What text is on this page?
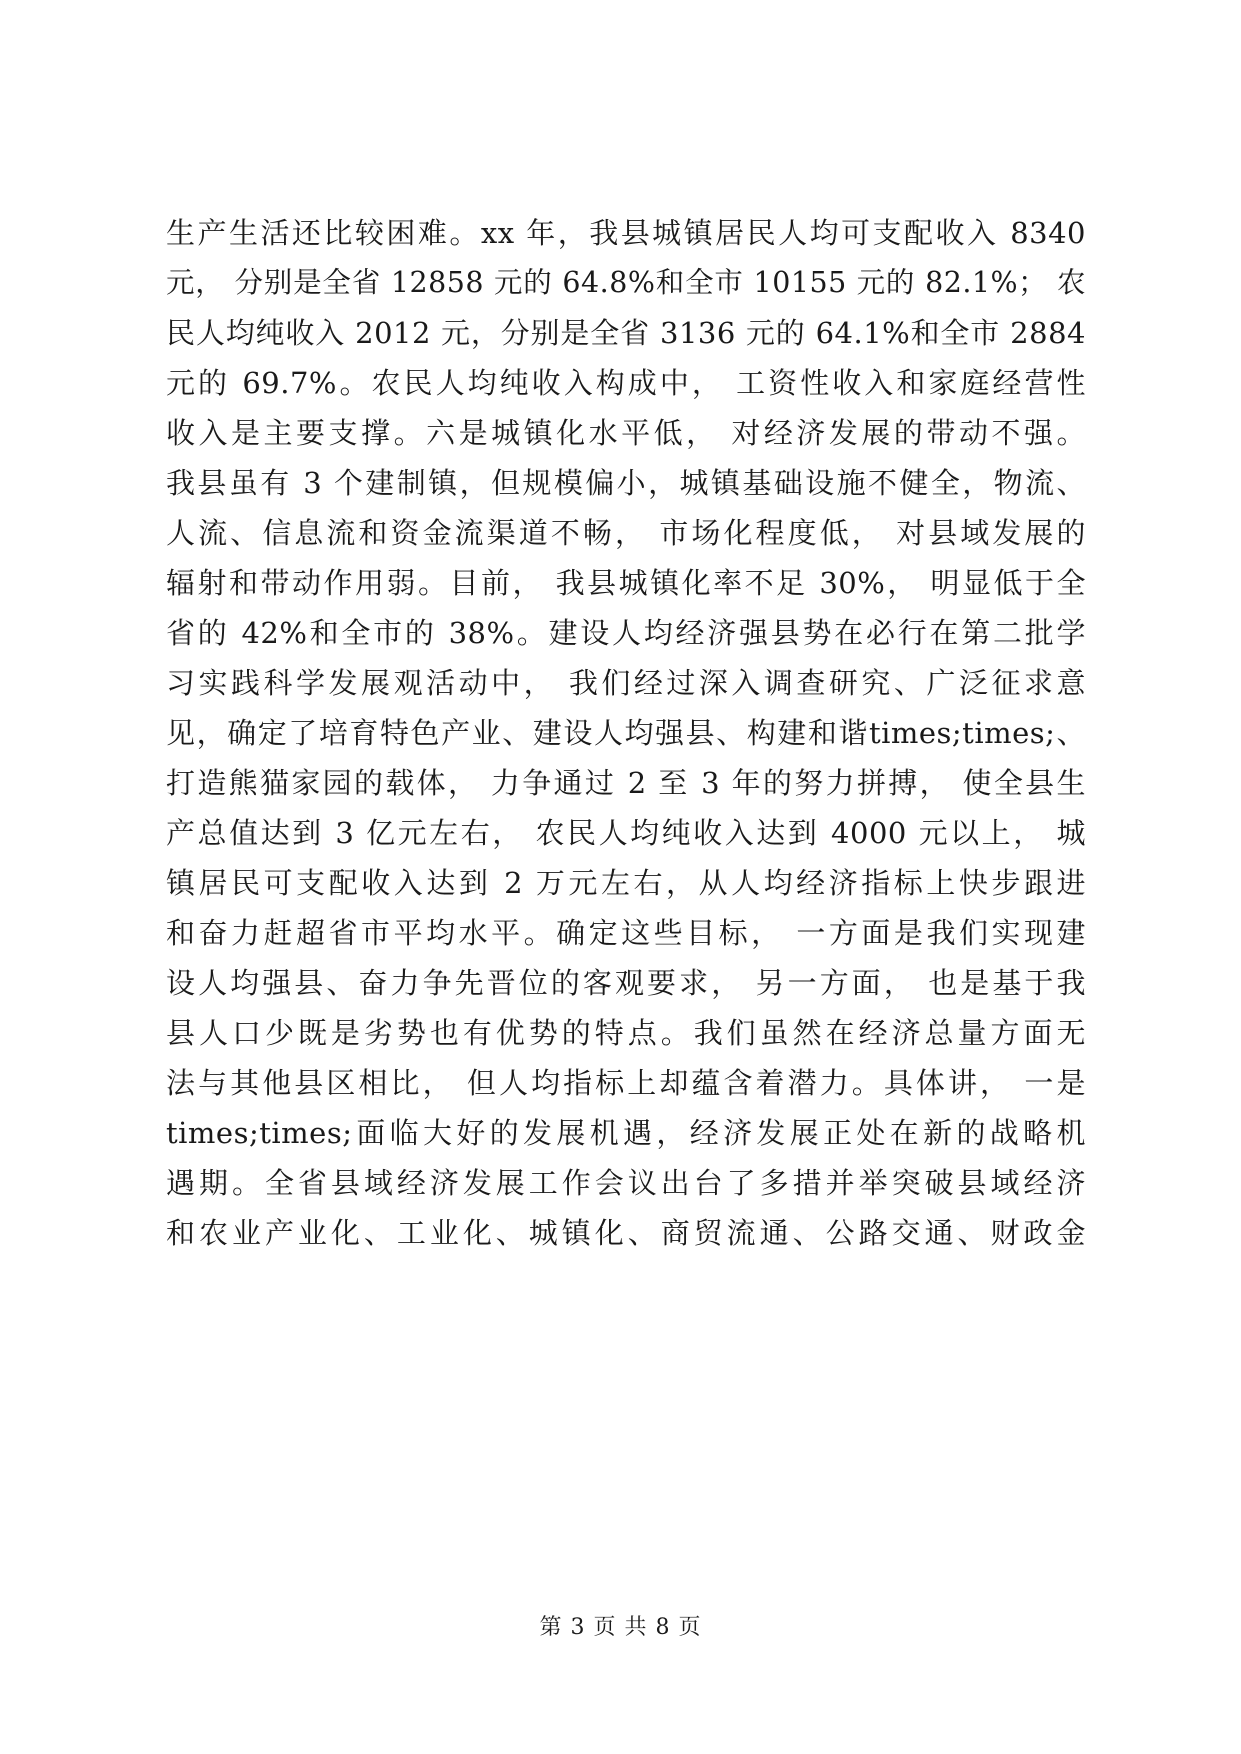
生产生活还比较困难。xx 年，我县城镇居民人均可支配收入 8340
元， 分别是全省 12858 元的 64.8%和全市 10155 元的 82.1%； 农
民人均纯收入 2012 元，分别是全省 3136 元的 64.1%和全市 2884
元的 69.7%。农民人均纯收入构成中， 工资性收入和家庭经营性
收入是主要支撑。六是城镇化水平低， 对经济发展的带动不强。
我县虽有 3 个建制镇，但规模偏小，城镇基础设施不健全，物流、
人流、信息流和资金流渠道不畅， 市场化程度低， 对县域发展的
辐射和带动作用弱。目前， 我县城镇化率不足 30%， 明显低于全
省的 42%和全市的 38%。建设人均经济强县势在必行在第二批学
习实践科学发展观活动中， 我们经过深入调查研究、广泛征求意
见，确定了培育特色产业、建设人均强县、构建和谐times;times;、
打造熊猫家园的载体， 力争通过 2 至 3 年的努力拼搏， 使全县生
产总值达到 3 亿元左右， 农民人均纯收入达到 4000 元以上， 城
镇居民可支配收入达到 2 万元左右，从人均经济指标上快步跟进
和奋力赶超省市平均水平。确定这些目标， 一方面是我们实现建
设人均强县、奋力争先晋位的客观要求， 另一方面， 也是基于我
县人口少既是劣势也有优势的特点。我们虽然在经济总量方面无
法与其他县区相比， 但人均指标上却蕴含着潜力。具体讲， 一是
times;times;面临大好的发展机遇，经济发展正处在新的战略机
遇期。全省县域经济发展工作会议出台了多措并举突破县域经济
和农业产业化、工业化、城镇化、商贸流通、公路交通、财政金
第 3 页 共 8 页
